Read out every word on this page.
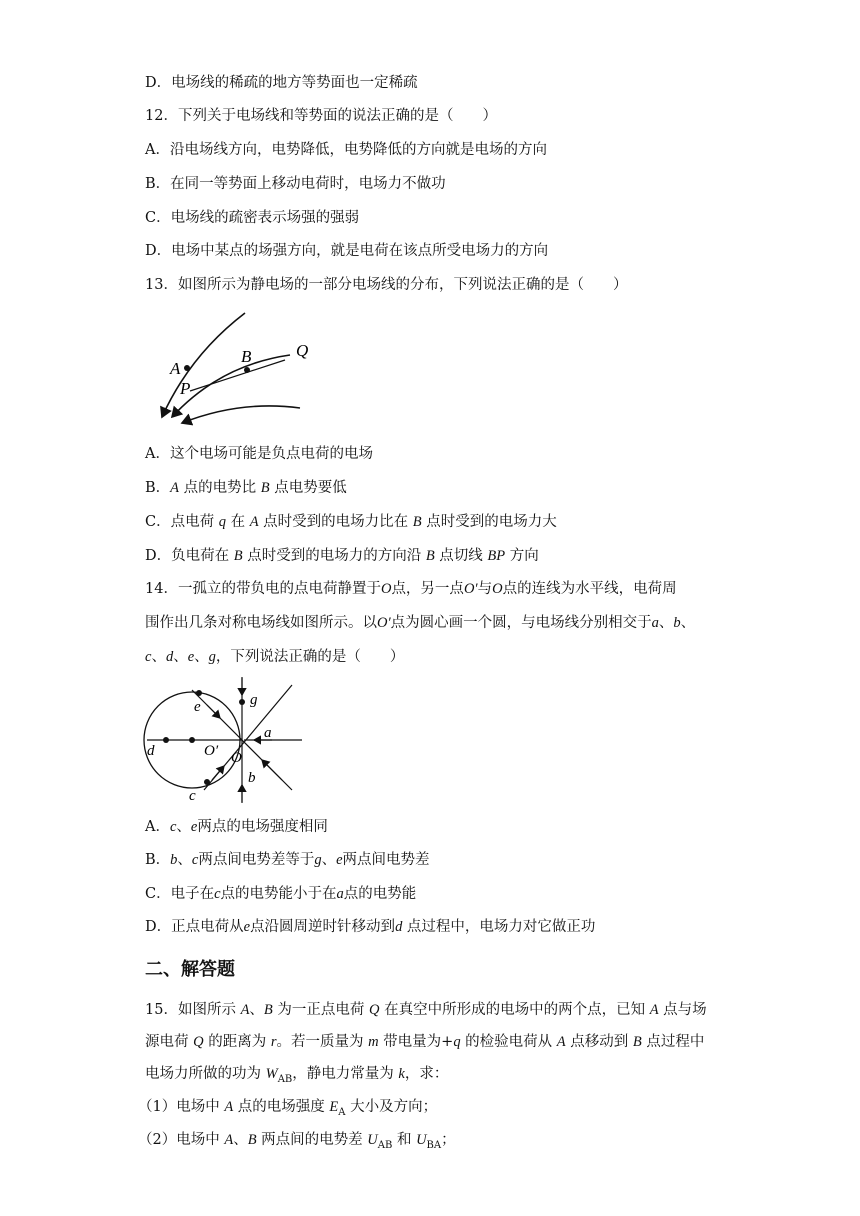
D．电场线的稀疏的地方等势面也一定稀疏
12．下列关于电场线和等势面的说法正确的是（　　）
A．沿电场线方向，电势降低，电势降低的方向就是电场的方向
B．在同一等势面上移动电荷时，电场力不做功
C．电场线的疏密表示场强的强弱
D．电场中某点的场强方向，就是电荷在该点所受电场力的方向
13．如图所示为静电场的一部分电场线的分布，下列说法正确的是（　　）
A
B
P
Q
A．这个电场可能是负点电荷的电场
B．A 点的电势比 B 点电势要低
C．点电荷 q 在 A 点时受到的电场力比在 B 点时受到的电场力大
D．负电荷在 B 点时受到的电场力的方向沿 B 点切线 BP 方向
14．一孤立的带负电的点电荷静置于O点，另一点O′与O点的连线为水平线，电荷周
围作出几条对称电场线如图所示。以O′点为圆心画一个圆，与电场线分别相交于a、b、
c、d、e、g，下列说法正确的是（　　）
e	g
a
d	O′ O
b
c
A．c、e两点的电场强度相同
B．b、c两点间电势差等于g、e两点间电势差
C．电子在c点的电势能小于在a点的电势能
D．正点电荷从e点沿圆周逆时针移动到d 点过程中，电场力对它做正功
二、解答题
15．如图所示 A、B 为一正点电荷 Q 在真空中所形成的电场中的两个点，已知 A 点与场
源电荷 Q 的距离为 r。若一质量为 m 带电量为+q 的检验电荷从 A 点移动到 B 点过程中
电场力所做的功为 $W_{AB}$，静电力常量为 k，求：
（1）电场中 A 点的电场强度 $E_A$ 大小及方向；
（2）电场中 A、B 两点间的电势差 $U_{AB}$ 和 $U_{BA}$；
